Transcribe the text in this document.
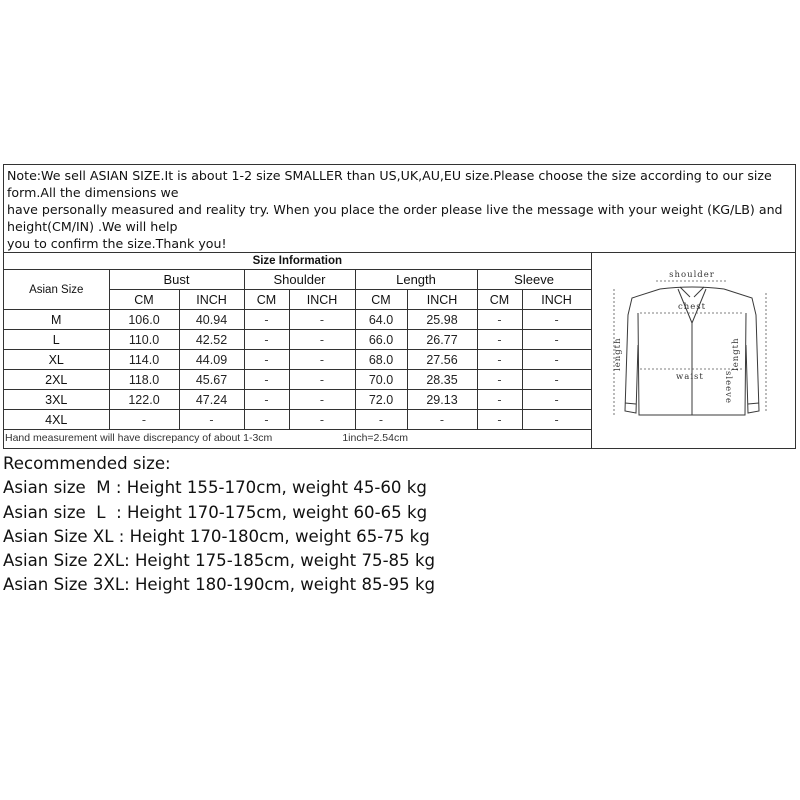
Note:We sell ASIAN SIZE.It is about 1-2 size SMALLER than US,UK,AU,EU size.Please choose the size according to our size
form.All the dimensions we
have personally measured and reality try. When you place the order please live the message with your weight (KG/LB) and
height(CM/IN) .We will help
you to confirm the size.Thank you!
Size Information								
Asian Size	Bust		Shoulder		Length		Sleeve	
	CM	INCH	CM	INCH	CM	INCH	CM	INCH
M	106.0	40.94	-	-	64.0	25.98	-	-
L	110.0	42.52	-	-	66.0	26.77	-	-
XL	114.0	44.09	-	-	68.0	27.56	-	-
2XL	118.0	45.67	-	-	70.0	28.35	-	-
3XL	122.0	47.24	-	-	72.0	29.13	-	-
4XL	-	-	-	-	-	-	-	-
Hand measurement will have discrepancy of about 1-3cm 1inch=2.54cm								
shoulder
chest
waist
length
sleeve
length
Recommended size:
Asian size  M : Height 155-170cm, weight 45-60 kg
Asian size  L  : Height 170-175cm, weight 60-65 kg
Asian Size XL : Height 170-180cm, weight 65-75 kg
Asian Size 2XL: Height 175-185cm, weight 75-85 kg
Asian Size 3XL: Height 180-190cm, weight 85-95 kg
